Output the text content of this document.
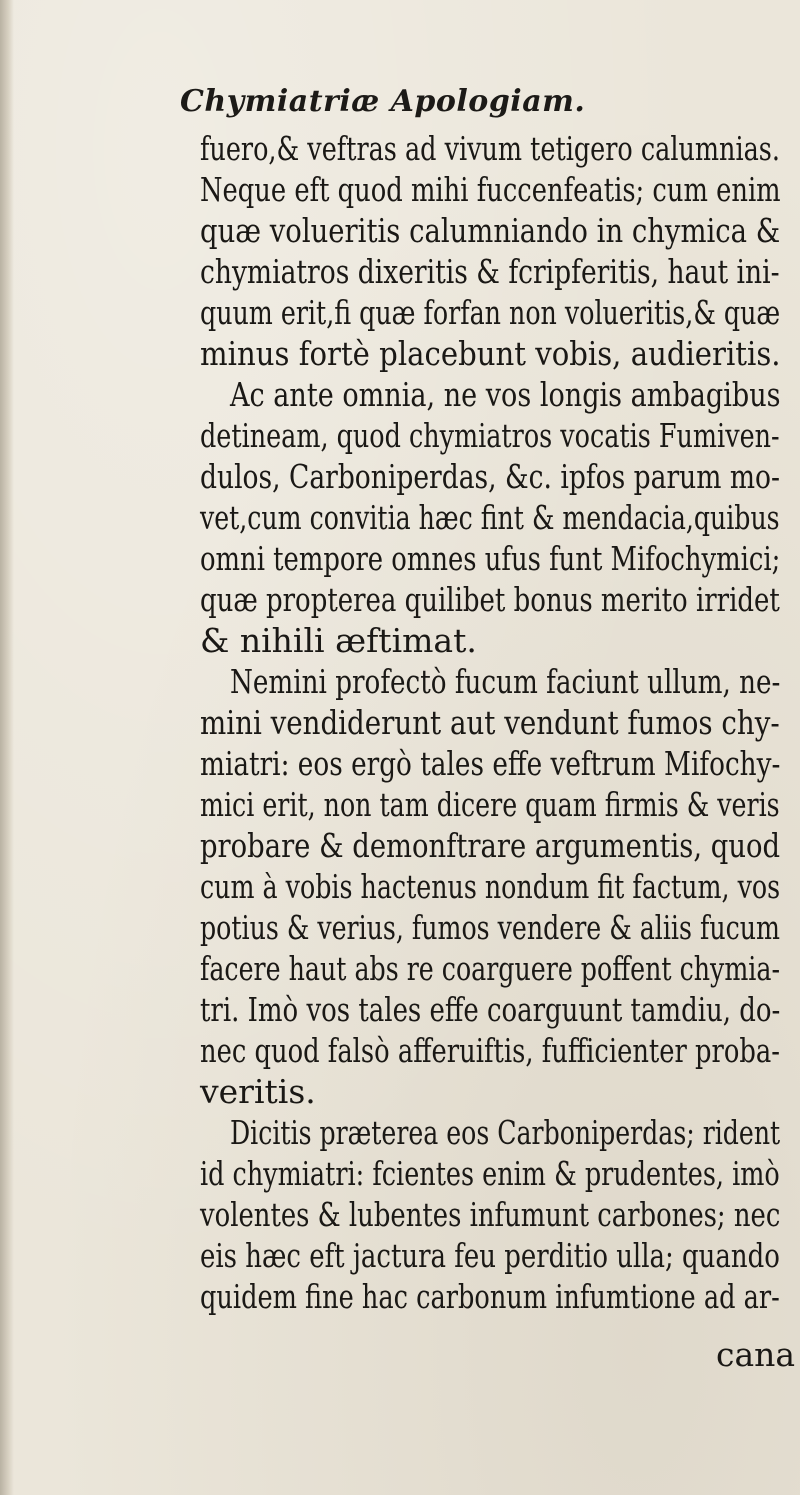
Chymiatriæ Apologiam.
fuero,& veftras ad vivum tetigero calumnias.
Neque eft quod mihi fuccenfeatis; cum enim
quæ volueritis calumniando in chymica &
chymiatros dixeritis & fcripferitis, haut ini-
quum erit,fi quæ forfan non volueritis,& quæ
minus fortè placebunt vobis, audieritis.
Ac ante omnia, ne vos longis ambagibus
detineam, quod chymiatros vocatis Fumiven-
dulos, Carboniperdas, &c. ipfos parum mo-
vet,cum convitia hæc fint & mendacia,quibus
omni tempore omnes ufus funt Mifochymici;
quæ propterea quilibet bonus merito irridet
& nihili æftimat.
Nemini profectò fucum faciunt ullum, ne-
mini vendiderunt aut vendunt fumos chy-
miatri: eos ergò tales effe veftrum Mifochy-
mici erit, non tam dicere quam firmis & veris
probare & demonftrare argumentis, quod
cum à vobis hactenus nondum fit factum, vos
potius & verius, fumos vendere & aliis fucum
facere haut abs re coarguere poffent chymia-
tri. Imò vos tales effe coarguunt tamdiu, do-
nec quod falsò afferuiftis, fufficienter proba-
veritis.
Dicitis præterea eos Carboniperdas; rident
id chymiatri: fcientes enim & prudentes, imò
volentes & lubentes infumunt carbones; nec
eis hæc eft jactura feu perditio ulla; quando
quidem fine hac carbonum infumtione ad ar-
cana
